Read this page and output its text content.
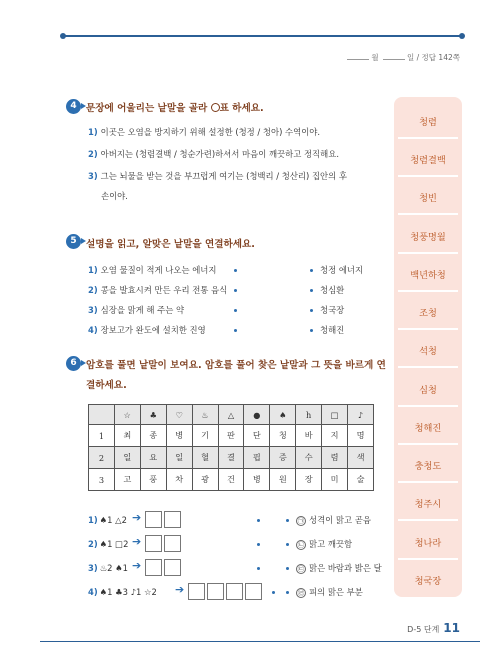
월	일 / 정답 142쪽
4 문장에 어울리는 낱말을 골라 표 하세요.
1) 이곳은 오염을 방지하기 위해 설정한 (청정 / 청아) 수역이야.
2) 아버지는 (청렴결백 / 청순가련)하셔서 마음이 깨끗하고 정직해요.
3) 그는 뇌물을 받는 것을 부끄럽게 여기는 (청백리 / 청산리) 집안의 후
손이야.
5 설명을 읽고, 알맞은 낱말을 연결하세요.
1) 오염 물질이 적게 나오는 에너지
2) 콩을 발효시켜 만든 우리 전통 음식
3) 심장을 맑게 해 주는 약
4) 장보고가 완도에 설치한 진영
청정 에너지
청심환
청국장
청해진
6 암호를 풀면 낱말이 보여요. 암호를 풀어 찾은 낱말과 그 뜻을 바르게 연
결하세요.
	☆	♣	♡	♨	△	●	♠	h	□	♪
1	최	종	병	기	판	단	청	바	지	명
2	일	요	일	혈	결	핍	증	수	렴	색
3	고	풍	차	광	건	병	원	장	미	술
1) ♠1 △2 ➔
2) ♠1 □2 ➔
3) ♨2 ♠1 ➔
4) ♠1 ♣3 ♪1 ☆2 ➔
㉠ 성격이 맑고 곧음
㉡ 맑고 깨끗함
㉢ 맑은 바람과 밝은 달
㉣ 피의 맑은 부분
청렴
청렴결백
청빈
청풍명월
백년하청
조청
석청
심청
청해진
충청도
청주시
청나라
청국장
D-5 단계 11
